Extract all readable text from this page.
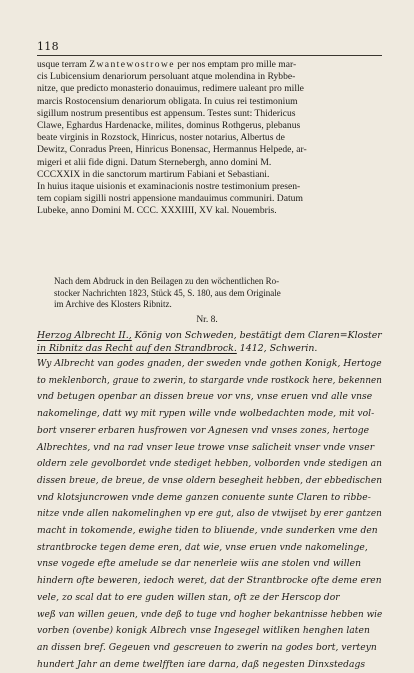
118
usque terram Zwantewostrowe per nos emptam pro mille mar-
cis Lubicensium denariorum persoluant atque molendina in Rybbe-
nitze, que predicto monasterio donauimus, redimere ualeant pro mille
marcis Rostocensium denariorum obligata. In cuius rei testimonium
sigillum nostrum presentibus est appensum. Testes sunt: Thidericus
Clawe, Eghardus Hardenacke, milites, dominus Rothgerus, plebanus
beate virginis in Rozstock, Hinricus, noster notarius, Albertus de
Dewitz, Conradus Preen, Hinricus Bonensac, Hermannus Helpede, ar-
migeri et alii fide digni. Datum Sternebergh, anno domini M.
CCCXXIX in die sanctorum martirum Fabiani et Sebastiani.
In huius itaque uisionis et examinacionis nostre testimonium presen-
tem copiam sigilli nostri appensione mandauimus communiri. Datum
Lubeke, anno Domini M. CCC. XXXIIII, XV kal. Nouembris.
Nach dem Abdruck in den Beilagen zu den wöchentlichen Ro-
stocker Nachrichten 1823, Stück 45, S. 180, aus dem Originale
im Archive des Klosters Ribnitz.
Nr. 8.
Herzog Albrecht II., König von Schweden, bestätigt dem Claren=Kloster
in Ribnitz das Recht auf den Strandbrock. 1412, Schwerin.
Wy Albrecht van godes gnaden, der sweden vnde gothen Konigk, Hertoge
to meklenborch, graue to zwerin, to stargarde vnde rostkock here, bekennen
vnd betugen openbar an dissen breue vor vns, vnse eruen vnd alle vnse
nakomelinge, datt wy mit rypen wille vnde wolbedachten mode, mit vol-
bort vnserer erbaren husfrowen vor Agnesen vnd vnses zones, hertoge
Albrechtes, vnd na rad vnser leue trowe vnse salicheit vnser vnde vnser
oldern zele gevolbordet vnde stediget hebben, volborden vnde stedigen an
dissen breue, de breue, de vnse oldern besegheit hebben, der ebbedischen
vnd klotsjuncrowen vnde deme ganzen conuente sunte Claren to ribbe-
nitze vnde allen nakomelinghen vp ere gut, also de vtwijset by erer gantzen
macht in tokomende, ewighe tiden to bliuende, vnde sunderken vme den
strantbrocke tegen deme eren, dat wie, vnse eruen vnde nakomelinge,
vnse vogede efte amelude se dar nenerleie wiis ane stolen vnd willen
hindern ofte beweren, iedoch weret, dat der Strantbrocke ofte deme eren
vele, zo scal dat to ere guden willen stan, oft ze der Herscop dor
weß van willen geuen, vnde deß to tuge vnd hogher bekantnisse hebben wie
vorben (ovenbe) konigk Albrech vnse Ingesegel witliken henghen laten
an dissen bref. Gegeuen vnd gescreuen to zwerin na godes bort, verteyn
hundert Jahr an deme twelfften iare darna, daß negesten Dinxstedags
